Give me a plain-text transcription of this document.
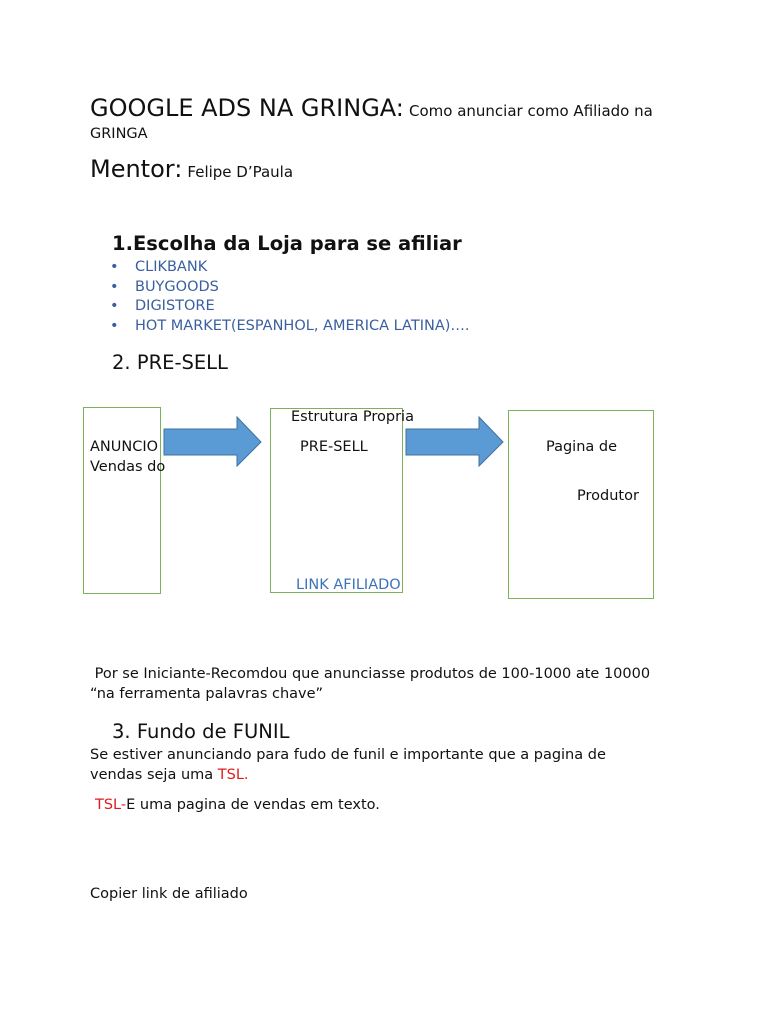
GOOGLE ADS NA GRINGA: Como anunciar como Afiliado na
GRINGA
Mentor: Felipe D’Paula
1.Escolha da Loja para se afiliar
• CLIKBANK
• BUYGOODS
• DIGISTORE
• HOT MARKET(ESPANHOL, AMERICA LATINA)….
2. PRE-SELL
ANUNCIO
Vendas do
Estrutura Propria
PRE-SELL
LINK AFILIADO
Pagina de
Produtor
Por se Iniciante-Recomdou que anunciasse produtos de 100-1000 ate 10000
“na ferramenta palavras chave”
3. Fundo de FUNIL
Se estiver anunciando para fudo de funil e importante que a pagina de
vendas seja uma TSL.
TSL-E uma pagina de vendas em texto.
Copier link de afiliado
